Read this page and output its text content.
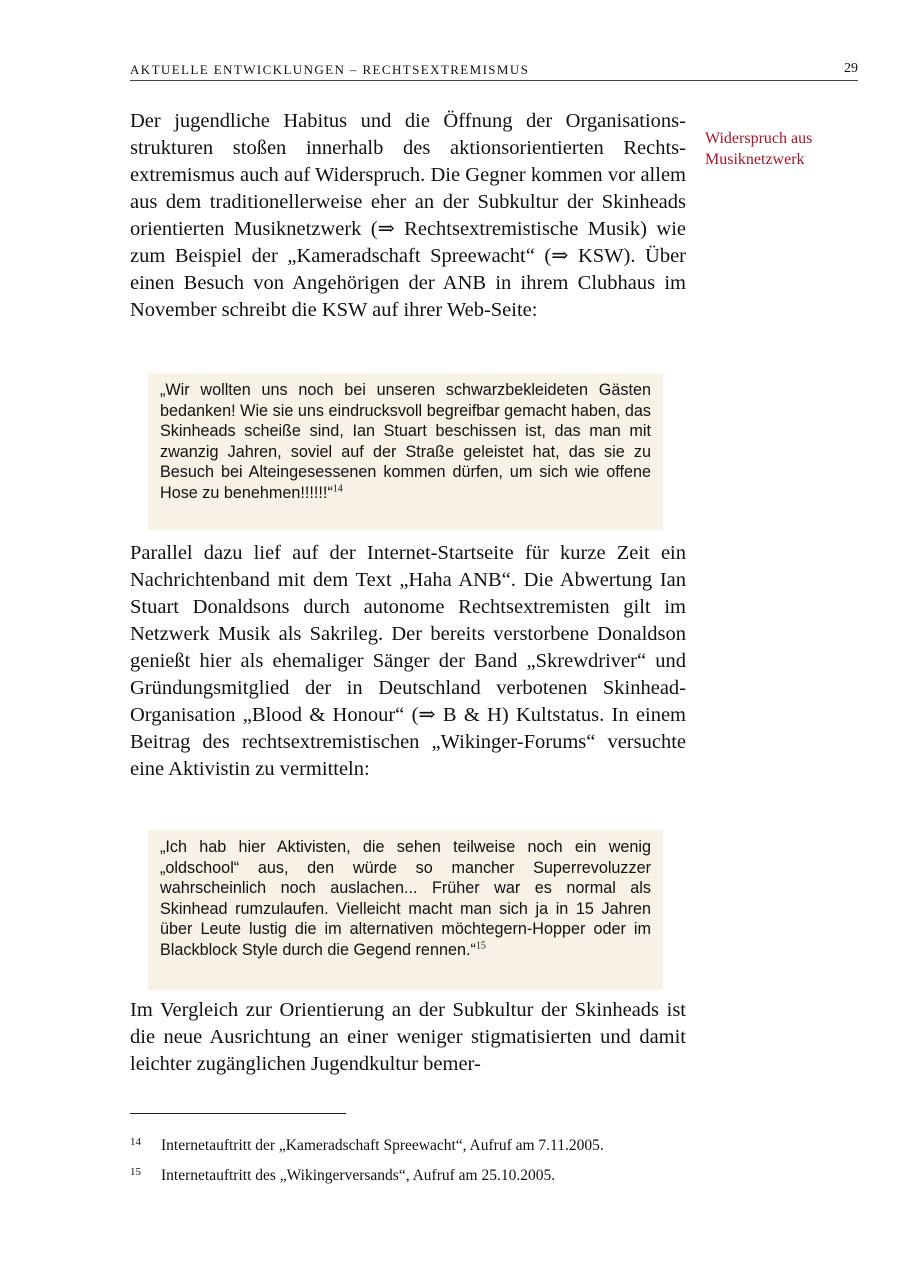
AKTUELLE ENTWICKLUNGEN – RECHTSEXTREMISMUS	29
Widerspruch aus
Musiknetzwerk

Der jugendliche Habitus und die Öffnung der Organisationsstrukturen stoßen innerhalb des aktionsorientierten Rechtsextremismus auch auf Widerspruch. Die Gegner kommen vor allem aus dem traditionellerweise eher an der Subkultur der Skinheads orientierten Musiknetzwerk (⇒ Rechtsextremistische Musik) wie zum Beispiel der „Kameradschaft Spreewacht“ (⇒ KSW). Über einen Besuch von Angehörigen der ANB in ihrem Clubhaus im November schreibt die KSW auf ihrer Web-Seite:

„Wir wollten uns noch bei unseren schwarzbekleideten Gästen bedanken! Wie sie uns eindrucksvoll begreifbar gemacht haben, das Skinheads scheiße sind, Ian Stuart beschissen ist, das man mit zwanzig Jahren, soviel auf der Straße geleistet hat, das sie zu Besuch bei Alteingesessenen kommen dürfen, um sich wie offene Hose zu benehmen!!!!!!“$^{14}$

Parallel dazu lief auf der Internet-Startseite für kurze Zeit ein Nachrichtenband mit dem Text „Haha ANB“. Die Abwertung Ian Stuart Donaldsons durch autonome Rechtsextremisten gilt im Netzwerk Musik als Sakrileg. Der bereits verstorbene Donaldson genießt hier als ehemaliger Sänger der Band „Skrewdriver“ und Gründungsmitglied der in Deutschland verbotenen Skinhead-Organisation „Blood & Honour“ (⇒ B & H) Kultstatus. In einem Beitrag des rechtsextremistischen „Wikinger-Forums“ versuchte eine Aktivistin zu vermitteln:

„Ich hab hier Aktivisten, die sehen teilweise noch ein wenig „oldschool“ aus, den würde so mancher Superrevoluzzer wahrscheinlich noch auslachen... Früher war es normal als Skinhead rumzulaufen. Vielleicht macht man sich ja in 15 Jahren über Leute lustig die im alternativen möchtegern-Hopper oder im Blackblock Style durch die Gegend rennen.“$^{15}$

Im Vergleich zur Orientierung an der Subkultur der Skinheads ist die neue Ausrichtung an einer weniger stigmatisierten und damit leichter zugänglichen Jugendkultur bemer-

14 Internetauftritt der „Kameradschaft Spreewacht“, Aufruf am 7.11.2005.
15 Internetauftritt des „Wikingerversands“, Aufruf am 25.10.2005.
